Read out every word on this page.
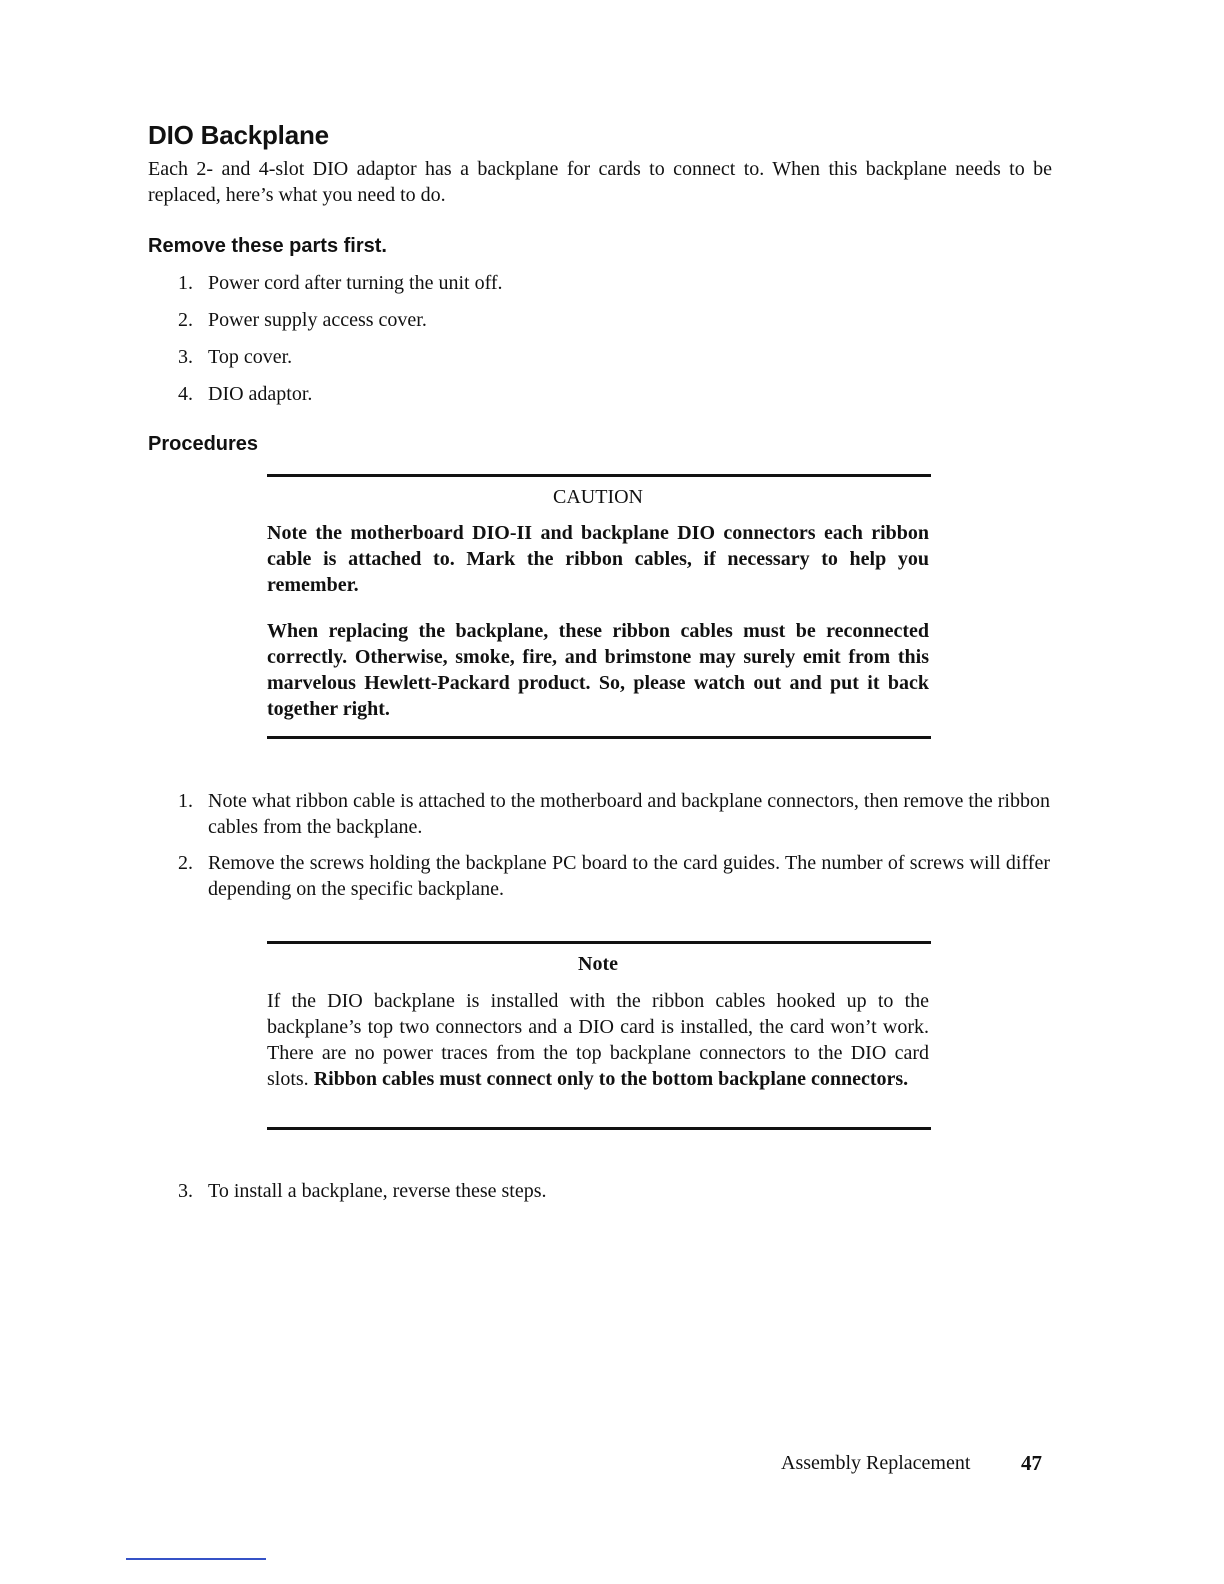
DIO Backplane

Each 2- and 4-slot DIO adaptor has a backplane for cards to connect to. When this backplane needs to be replaced, here’s what you need to do.

Remove these parts first.
1. Power cord after turning the unit off.
2. Power supply access cover.
3. Top cover.
4. DIO adaptor.
Procedures

CAUTION

Note the motherboard DIO-II and backplane DIO connectors each ribbon cable is attached to. Mark the ribbon cables, if necessary to help you remember.

When replacing the backplane, these ribbon cables must be reconnected correctly. Otherwise, smoke, fire, and brimstone may surely emit from this marvelous Hewlett-Packard product. So, please watch out and put it back together right.

1. Note what ribbon cable is attached to the motherboard and backplane connectors, then remove the ribbon cables from the backplane.
2. Remove the screws holding the backplane PC board to the card guides. The number of screws will differ depending on the specific backplane.

Note

If the DIO backplane is installed with the ribbon cables hooked up to the backplane’s top two connectors and a DIO card is installed, the card won’t work. There are no power traces from the top backplane connectors to the DIO card slots. Ribbon cables must connect only to the bottom backplane connectors.

3. To install a backplane, reverse these steps.
Assembly Replacement 47
